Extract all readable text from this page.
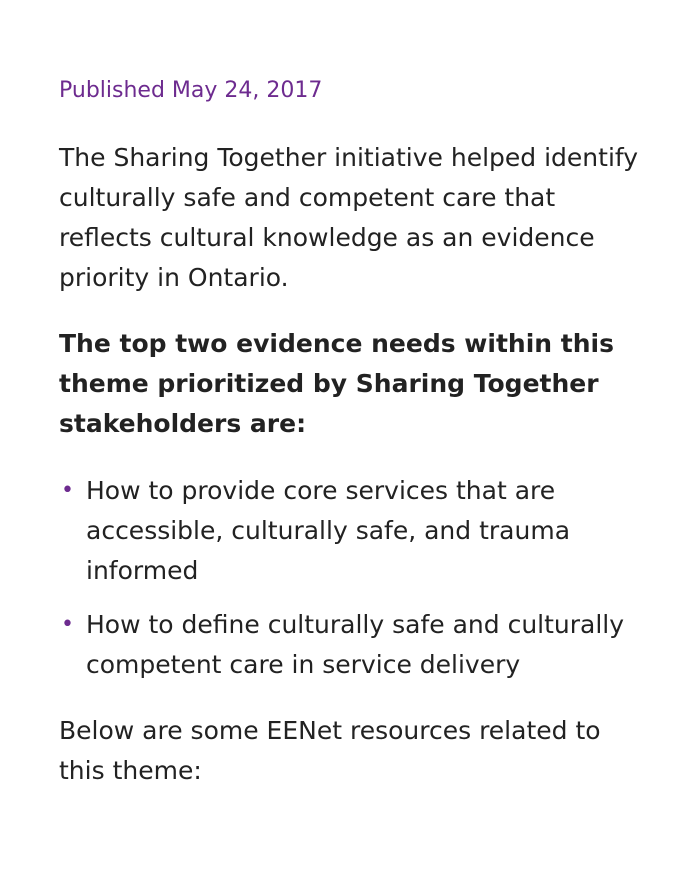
Published May 24, 2017

The Sharing Together initiative helped identify culturally safe and competent care that reflects cultural knowledge as an evidence priority in Ontario.

The top two evidence needs within this theme prioritized by Sharing Together stakeholders are:

• How to provide core services that are accessible, culturally safe, and trauma informed
• How to define culturally safe and culturally competent care in service delivery

Below are some EENet resources related to this theme:
